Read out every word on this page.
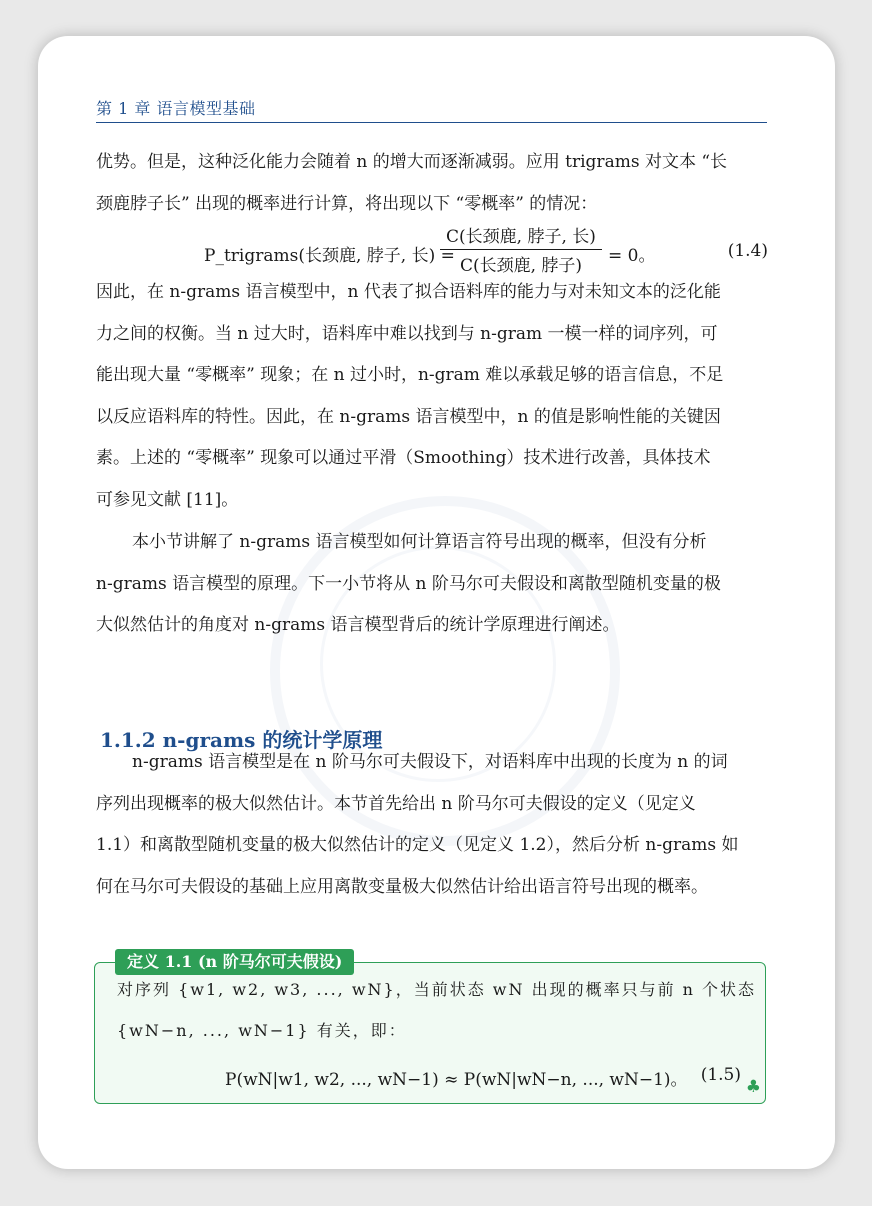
第 1 章 语言模型基础
优势。但是，这种泛化能力会随着 n 的增大而逐渐减弱。应用 trigrams 对文本 “长
颈鹿脖子长” 出现的概率进行计算，将出现以下 “零概率” 的情况：
P_trigrams(长颈鹿, 脖子, 长) =
C(长颈鹿, 脖子, 长)
C(长颈鹿, 脖子)	= 0。	(1.4)
因此，在 n-grams 语言模型中，n 代表了拟合语料库的能力与对未知文本的泛化能
力之间的权衡。当 n 过大时，语料库中难以找到与 n-gram 一模一样的词序列，可
能出现大量 “零概率” 现象；在 n 过小时，n-gram 难以承载足够的语言信息，不足
以反应语料库的特性。因此，在 n-grams 语言模型中，n 的值是影响性能的关键因
素。上述的 “零概率” 现象可以通过平滑（Smoothing）技术进行改善，具体技术
可参见文献 [11]。
本小节讲解了 n-grams 语言模型如何计算语言符号出现的概率，但没有分析
n-grams 语言模型的原理。下一小节将从 n 阶马尔可夫假设和离散型随机变量的极
大似然估计的角度对 n-grams 语言模型背后的统计学原理进行阐述。
1.1.2 n-grams 的统计学原理
n-grams 语言模型是在 n 阶马尔可夫假设下，对语料库中出现的长度为 n 的词
序列出现概率的极大似然估计。本节首先给出 n 阶马尔可夫假设的定义（见定义
1.1）和离散型随机变量的极大似然估计的定义（见定义 1.2），然后分析 n-grams 如
何在马尔可夫假设的基础上应用离散变量极大似然估计给出语言符号出现的概率。
定义 1.1 (n 阶马尔可夫假设)
对序列 {w1, w2, w3, ..., wN}，当前状态 wN 出现的概率只与前 n 个状态
{wN−n, ..., wN−1} 有关，即：
P(wN|w1, w2, ..., wN−1) ≈ P(wN|wN−n, ..., wN−1)。 (1.5)
♣
